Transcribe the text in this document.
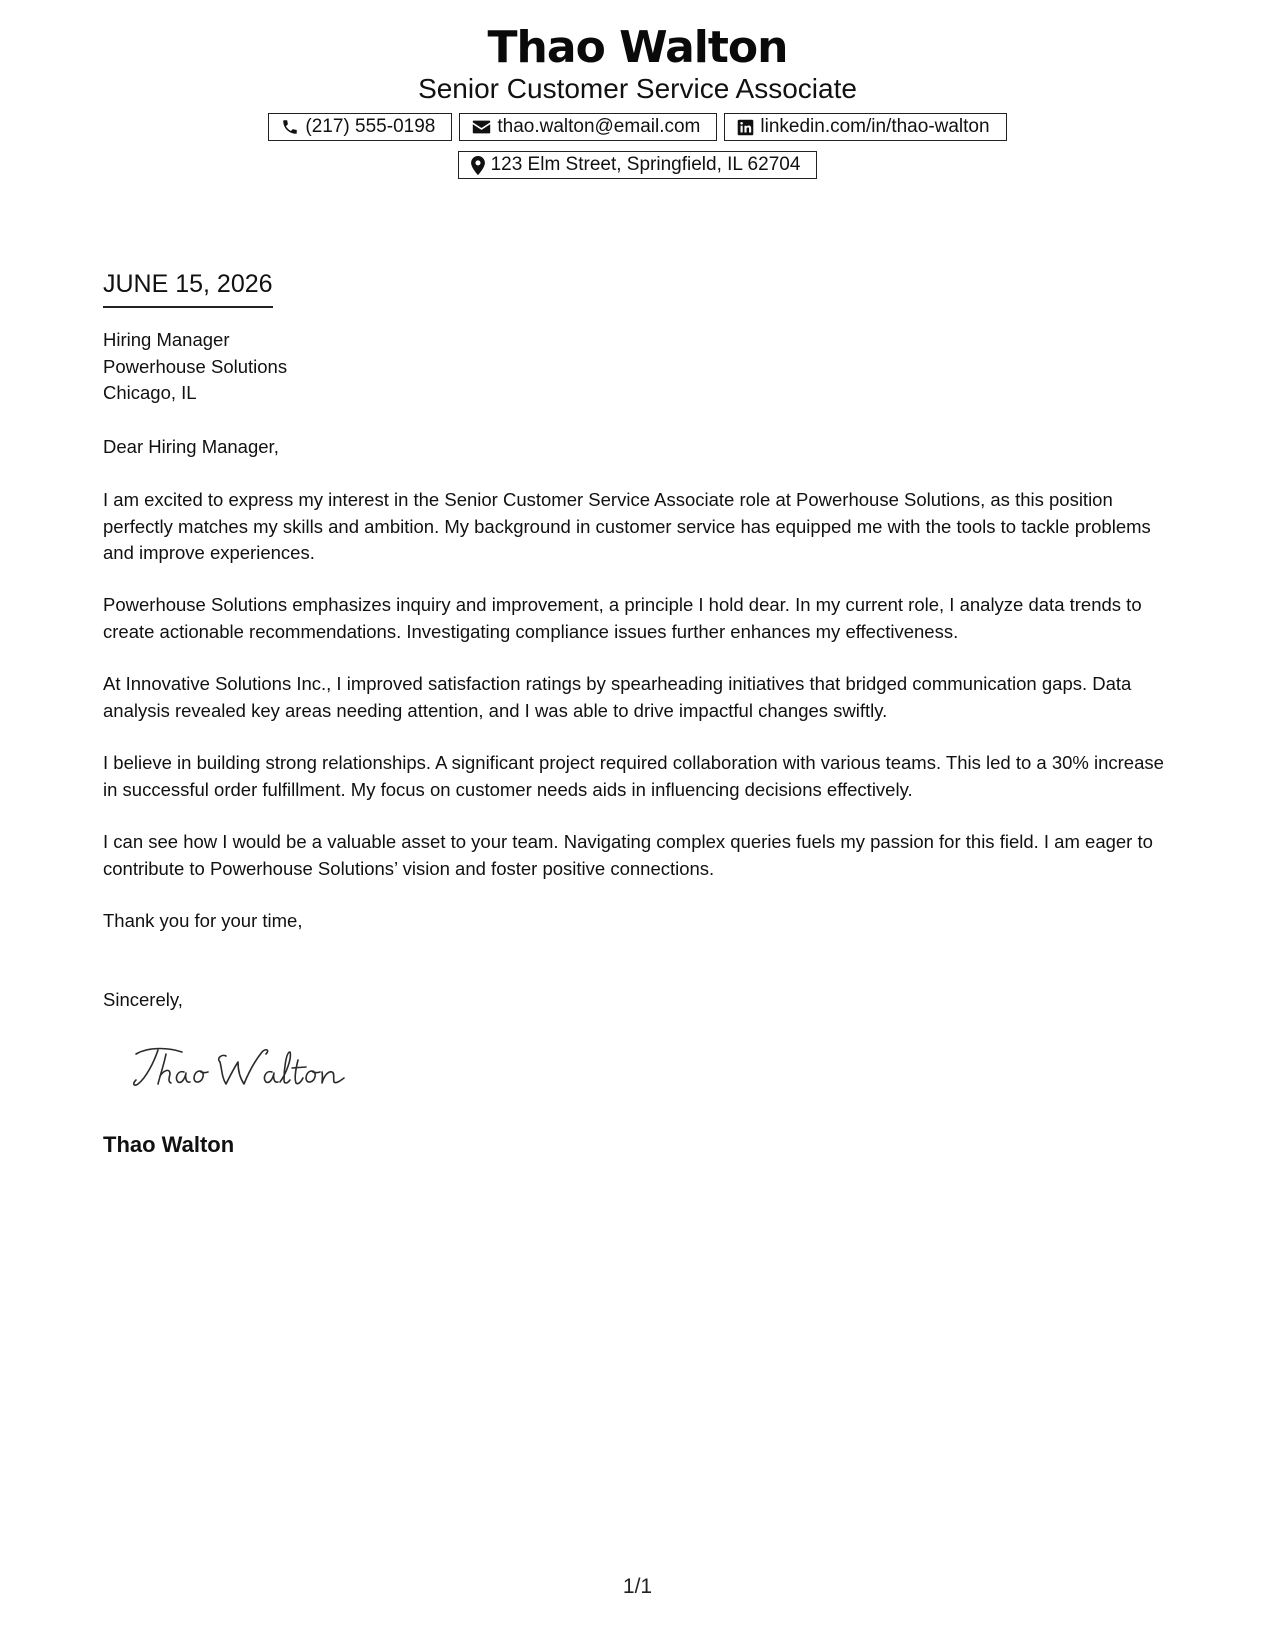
Thao Walton
Senior Customer Service Associate
(217) 555-0198	thao.walton@email.com	linkedin.com/in/thao-walton
123 Elm Street, Springfield, IL 62704
JUNE 15, 2026
Hiring Manager
Powerhouse Solutions
Chicago, IL

Dear Hiring Manager,

I am excited to express my interest in the Senior Customer Service Associate role at Powerhouse Solutions, as this position perfectly matches my skills and ambition. My background in customer service has equipped me with the tools to tackle problems and improve experiences.

Powerhouse Solutions emphasizes inquiry and improvement, a principle I hold dear. In my current role, I analyze data trends to create actionable recommendations. Investigating compliance issues further enhances my effectiveness.

At Innovative Solutions Inc., I improved satisfaction ratings by spearheading initiatives that bridged communication gaps. Data analysis revealed key areas needing attention, and I was able to drive impactful changes swiftly.

I believe in building strong relationships. A significant project required collaboration with various teams. This led to a 30% increase in successful order fulfillment. My focus on customer needs aids in influencing decisions effectively.

I can see how I would be a valuable asset to your team. Navigating complex queries fuels my passion for this field. I am eager to contribute to Powerhouse Solutions’ vision and foster positive connections.

Thank you for your time,

Sincerely,

Thao Walton
1/1
